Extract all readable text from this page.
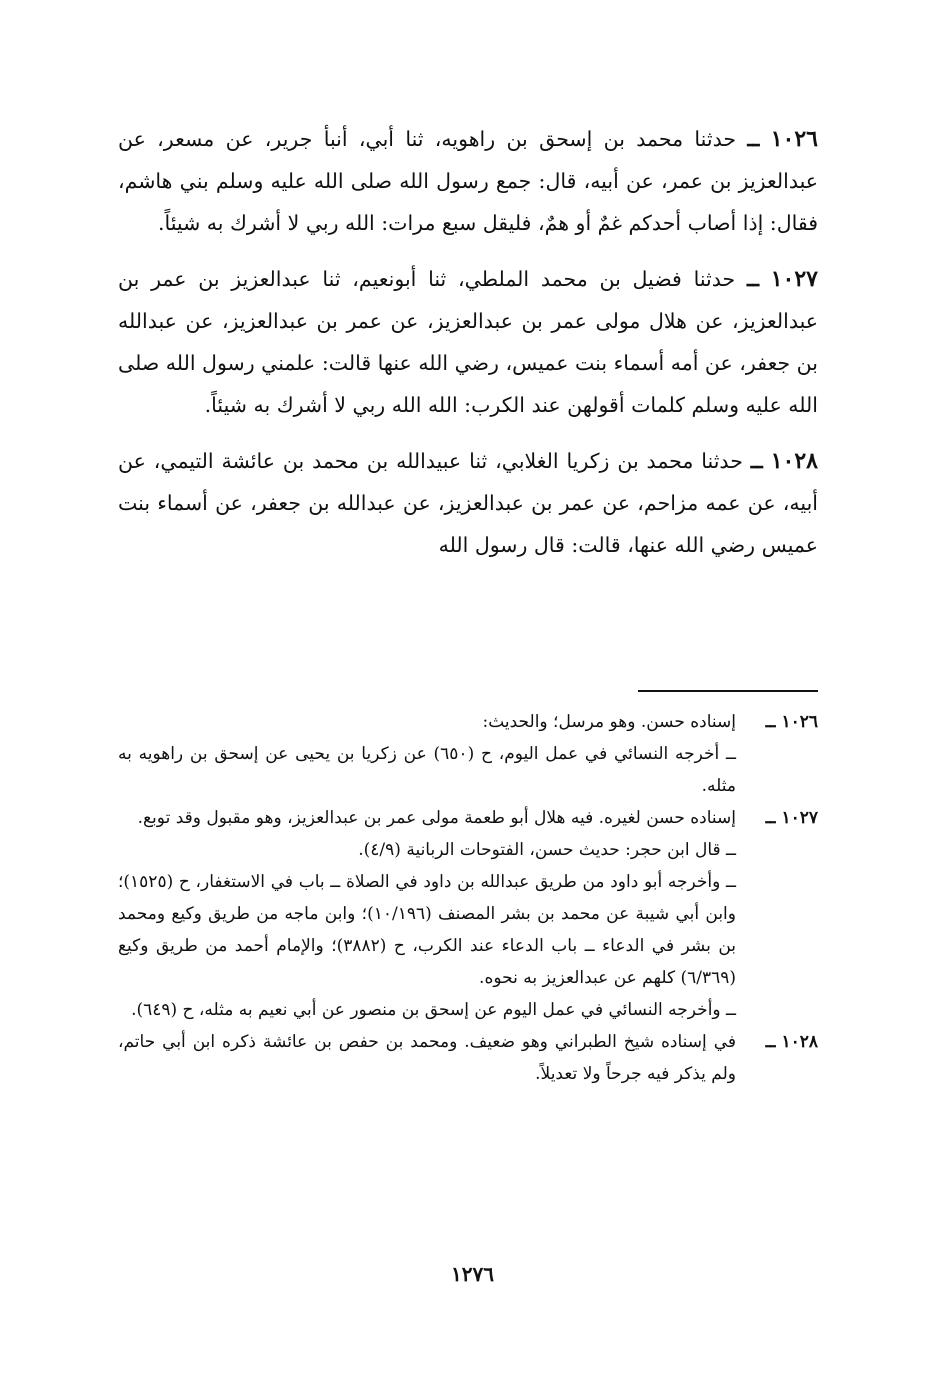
١٠٢٦ ــ حدثنا محمد بن إسحق بن راهويه، ثنا أبي، أنبأ جرير، عن مسعر، عن عبدالعزيز بن عمر، عن أبيه، قال: جمع رسول الله صلى الله عليه وسلم بني هاشم، فقال: إذا أصاب أحدكم غمٌ أو همٌ، فليقل سبع مرات: الله ربي لا أشرك به شيئاً.

١٠٢٧ ــ حدثنا فضيل بن محمد الملطي، ثنا أبونعيم، ثنا عبدالعزيز بن عمر بن عبدالعزيز، عن هلال مولى عمر بن عبدالعزيز، عن عمر بن عبدالعزيز، عن عبدالله بن جعفر، عن أمه أسماء بنت عميس، رضي الله عنها قالت: علمني رسول الله صلى الله عليه وسلم كلمات أقولهن عند الكرب: الله الله ربي لا أشرك به شيئاً.

١٠٢٨ ــ حدثنا محمد بن زكريا الغلابي، ثنا عبيدالله بن محمد بن عائشة التيمي، عن أبيه، عن عمه مزاحم، عن عمر بن عبدالعزيز، عن عبدالله بن جعفر، عن أسماء بنت عميس رضي الله عنها، قالت: قال رسول الله

١٠٢٦ ــ

إسناده حسن. وهو مرسل؛ والحديث:

ــ أخرجه النسائي في عمل اليوم، ح (٦٥٠) عن زكريا بن يحيى عن إسحق بن راهويه به مثله.

١٠٢٧ ــ

إسناده حسن لغيره. فيه هلال أبو طعمة مولى عمر بن عبدالعزيز، وهو مقبول وقد توبع.

ــ قال ابن حجر: حديث حسن، الفتوحات الربانية (٤/٩).

ــ وأخرجه أبو داود من طريق عبدالله بن داود في الصلاة ــ باب في الاستغفار، ح (١٥٢٥)؛ وابن أبي شيبة عن محمد بن بشر المصنف (١٠/١٩٦)؛ وابن ماجه من طريق وكيع ومحمد بن بشر في الدعاء ــ باب الدعاء عند الكرب، ح (٣٨٨٢)؛ والإمام أحمد من طريق وكيع (٦/٣٦٩) كلهم عن عبدالعزيز به نحوه.

ــ وأخرجه النسائي في عمل اليوم عن إسحق بن منصور عن أبي نعيم به مثله، ح (٦٤٩).

١٠٢٨ ــ

في إسناده شيخ الطبراني وهو ضعيف. ومحمد بن حفص بن عائشة ذكره ابن أبي حاتم، ولم يذكر فيه جرحاً ولا تعديلاً.

١٢٧٦
